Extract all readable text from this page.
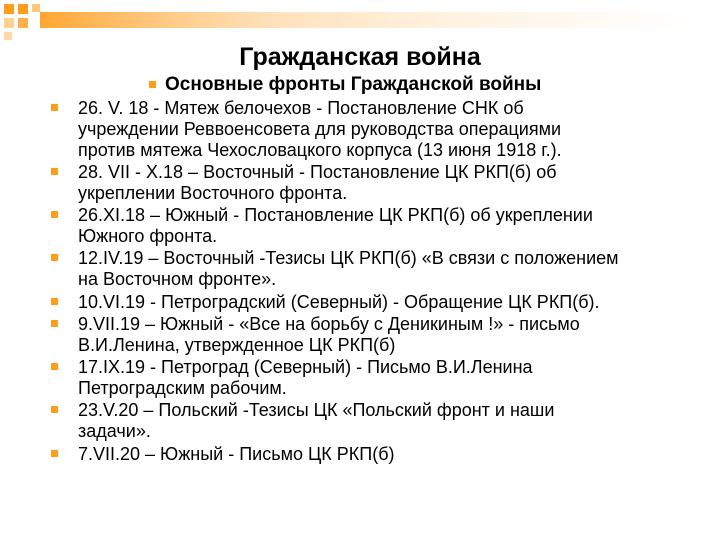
Гражданская война
Основные фронты Гражданской войны
26. V. 18 - Мятеж белочехов - Постановление СНК об
учреждении Реввоенсовета для руководства операциями
против мятежа Чехословацкого корпуса (13 июня 1918 г.).
28. VII - X.18 – Восточный - Постановление ЦК РКП(б) об
укреплении Восточного фронта.
26.XI.18 – Южный - Постановление ЦК РКП(б) об укреплении
Южного фронта.
12.IV.19 – Восточный -Тезисы ЦК РКП(б) «В связи с положением
на Восточном фронте».
10.VI.19 - Петроградский (Северный) - Обращение ЦК РКП(б).
9.VII.19 – Южный - «Все на борьбу с Деникиным !» - письмо
В.И.Ленина, утвержденное ЦК РКП(б)
17.IX.19 - Петроград (Северный) - Письмо В.И.Ленина
Петроградским рабочим.
23.V.20 – Польский -Тезисы ЦК «Польский фронт и наши
задачи».
7.VII.20 – Южный - Письмо ЦК РКП(б)
